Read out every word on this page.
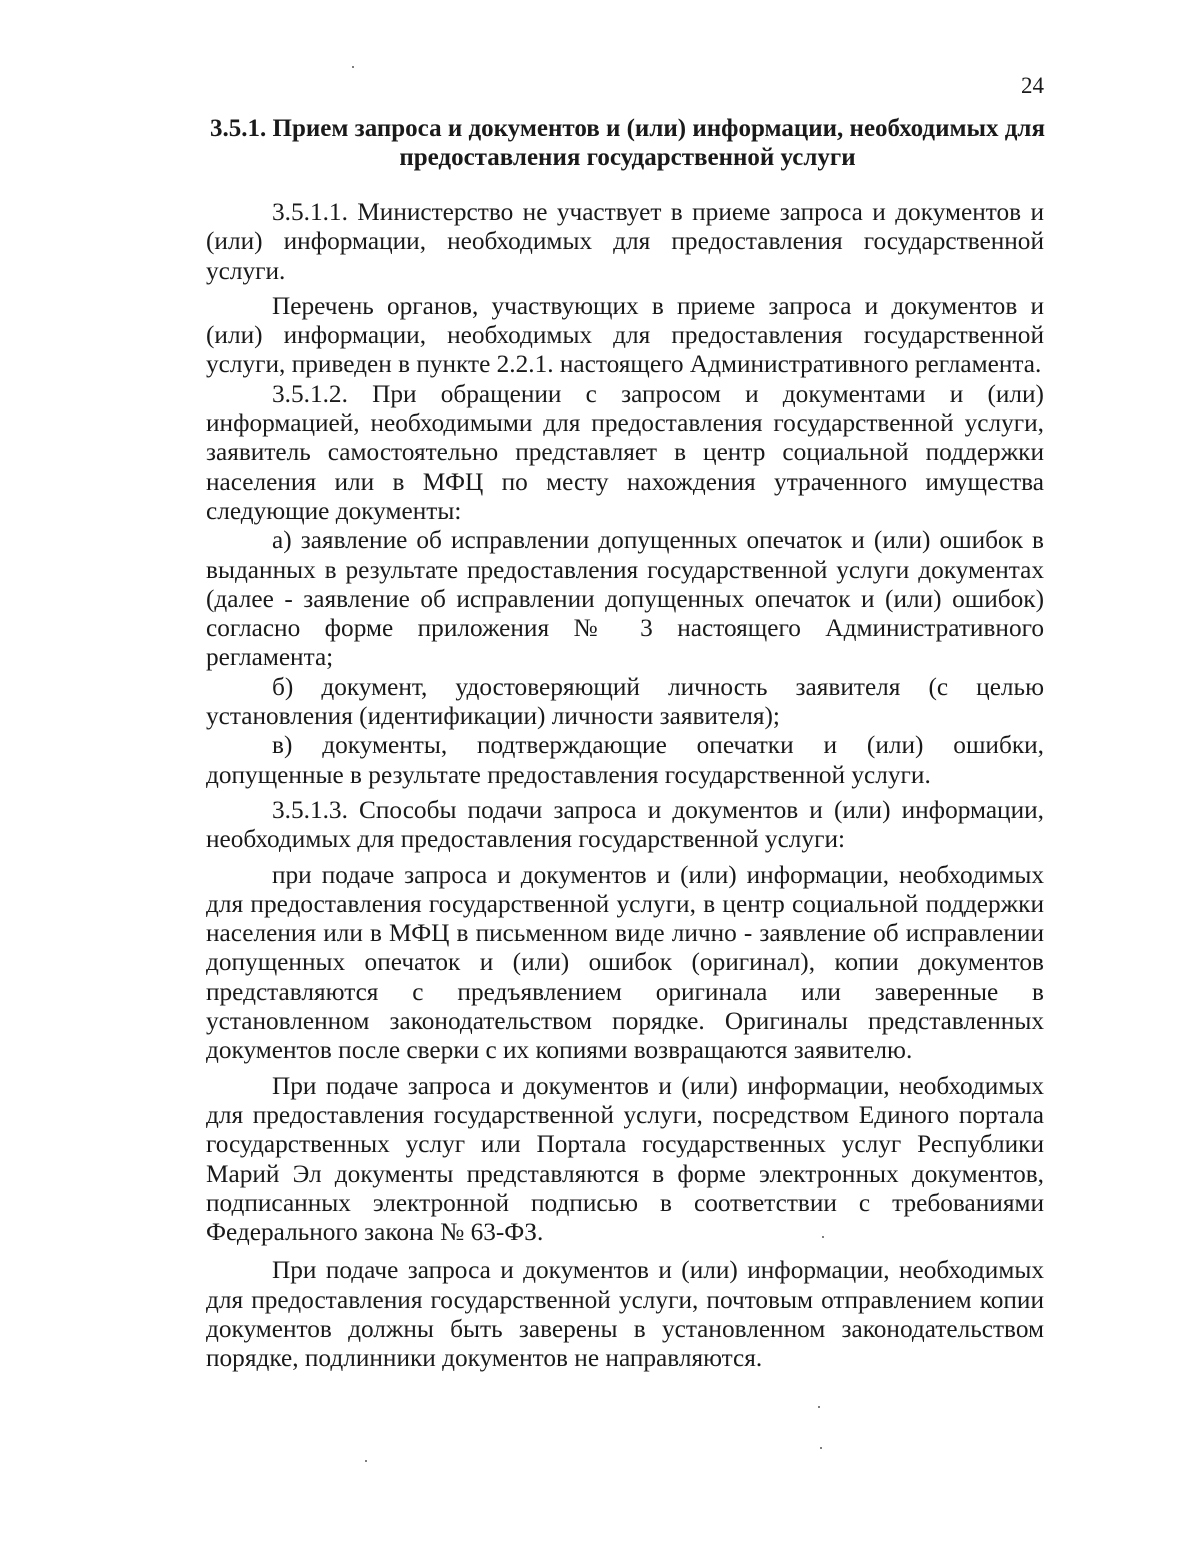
24
3.5.1. Прием запроса и документов и (или) информации, необходимых для предоставления государственной услуги

3.5.1.1. Министерство не участвует в приеме запроса и документов и (или) информации, необходимых для предоставления государственной услуги.

Перечень органов, участвующих в приеме запроса и документов и (или) информации, необходимых для предоставления государственной услуги, приведен в пункте 2.2.1. настоящего Административного регламента.

3.5.1.2. При обращении с запросом и документами и (или) информацией, необходимыми для предоставления государственной услуги, заявитель самостоятельно представляет в центр социальной поддержки населения или в МФЦ по месту нахождения утраченного имущества следующие документы:

а) заявление об исправлении допущенных опечаток и (или) ошибок в выданных в результате предоставления государственной услуги документах (далее - заявление об исправлении допущенных опечаток и (или) ошибок) согласно форме приложения № 3 настоящего Административного регламента;

б) документ, удостоверяющий личность заявителя (с целью установления (идентификации) личности заявителя);

в) документы, подтверждающие опечатки и (или) ошибки, допущенные в результате предоставления государственной услуги.

3.5.1.3. Способы подачи запроса и документов и (или) информации, необходимых для предоставления государственной услуги:

при подаче запроса и документов и (или) информации, необходимых для предоставления государственной услуги, в центр социальной поддержки населения или в МФЦ в письменном виде лично - заявление об исправлении допущенных опечаток и (или) ошибок (оригинал), копии документов представляются с предъявлением оригинала или заверенные в установленном законодательством порядке. Оригиналы представленных документов после сверки с их копиями возвращаются заявителю.

При подаче запроса и документов и (или) информации, необходимых для предоставления государственной услуги, посредством Единого портала государственных услуг или Портала государственных услуг Республики Марий Эл документы представляются в форме электронных документов, подписанных электронной подписью в соответствии с требованиями Федерального закона № 63-ФЗ.

При подаче запроса и документов и (или) информации, необходимых для предоставления государственной услуги, почтовым отправлением копии документов должны быть заверены в установленном законодательством порядке, подлинники документов не направляются.
